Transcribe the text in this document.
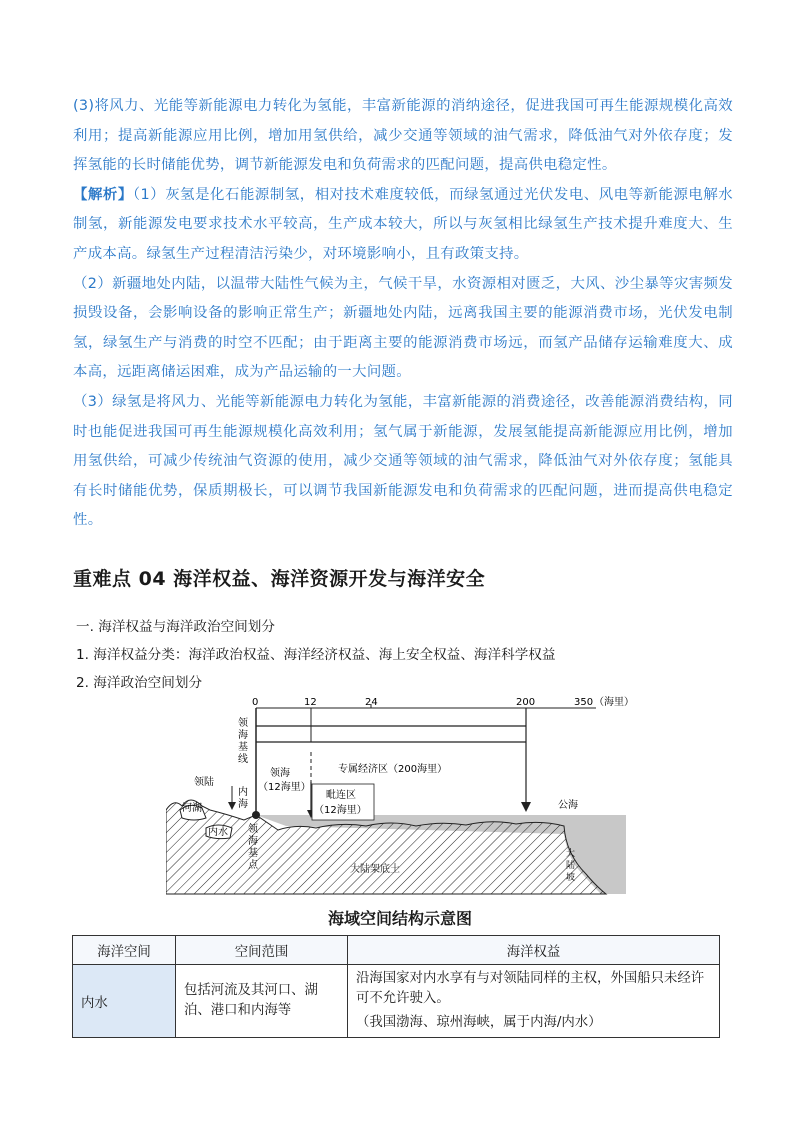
(3)将风力、光能等新能源电力转化为氢能，丰富新能源的消纳途径，促进我国可再生能源规模化高效利用；提高新能源应用比例，增加用氢供给，减少交通等领域的油气需求，降低油气对外依存度；发挥氢能的长时储能优势，调节新能源发电和负荷需求的匹配问题，提高供电稳定性。

【解析】（1）灰氢是化石能源制氢，相对技术难度较低，而绿氢通过光伏发电、风电等新能源电解水制氢，新能源发电要求技术水平较高，生产成本较大，所以与灰氢相比绿氢生产技术提升难度大、生产成本高。绿氢生产过程清洁污染少，对环境影响小，且有政策支持。

（2）新疆地处内陆，以温带大陆性气候为主，气候干旱，水资源相对匮乏，大风、沙尘暴等灾害频发损毁设备，会影响设备的影响正常生产；新疆地处内陆，远离我国主要的能源消费市场，光伏发电制氢，绿氢生产与消费的时空不匹配；由于距离主要的能源消费市场远，而氢产品储存运输难度大、成本高，远距离储运困难，成为产品运输的一大问题。

（3）绿氢是将风力、光能等新能源电力转化为氢能，丰富新能源的消费途径，改善能源消费结构，同时也能促进我国可再生能源规模化高效利用；氢气属于新能源，发展氢能提高新能源应用比例，增加用氢供给，可减少传统油气资源的使用，减少交通等领域的油气需求，降低油气对外依存度；氢能具有长时储能优势，保质期极长，可以调节我国新能源发电和负荷需求的匹配问题，进而提高供电稳定性。

重难点 04 海洋权益、海洋资源开发与海洋安全
一. 海洋权益与海洋政治空间划分
1. 海洋权益分类：海洋政治权益、海洋经济权益、海上安全权益、海洋科学权益
2. 海洋政治空间划分
0	12	24	200	350 （海里）
领
海
基
线
领陆
内
海
河湖
内水
领海
（12海里）
专属经济区（200海里）
毗连区
（12海里）	公海
领
海
基
点	大陆架底土
大
陆
坡
海域空间结构示意图
海洋空间	空间范围	海洋权益
内水	包括河流及其河口、湖泊、港口和内海等	沿海国家对内水享有与对领陆同样的主权，外国船只未经许可不允许驶入。
（我国渤海、琼州海峡，属于内海/内水）
